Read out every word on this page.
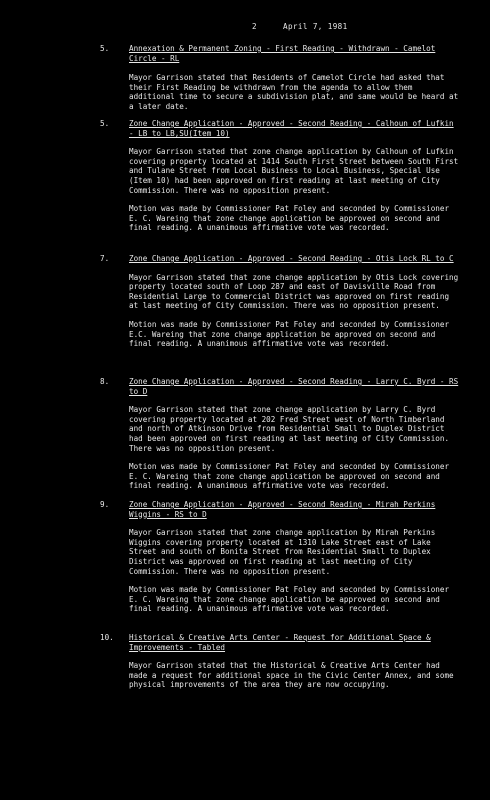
2	April 7, 1981
5.	Annexation & Permanent Zoning - First Reading - Withdrawn - Camelot Circle - RL

Mayor Garrison stated that Residents of Camelot Circle had asked that their First Reading be withdrawn from the agenda to allow them additional time to secure a subdivision plat, and same would be heard at a later date.

5.	Zone Change Application - Approved - Second Reading - Calhoun of Lufkin - LB to LB,SU(Item 10)

Mayor Garrison stated that zone change application by Calhoun of Lufkin covering property located at 1414 South First Street between South First and Tulane Street from Local Business to Local Business, Special Use (Item 10) had been approved on first reading at last meeting of City Commission. There was no opposition present.

Motion was made by Commissioner Pat Foley and seconded by Commissioner E. C. Wareing that zone change application be approved on second and final reading. A unanimous affirmative vote was recorded.

7.	Zone Change Application - Approved - Second Reading - Otis Lock RL to C

Mayor Garrison stated that zone change application by Otis Lock covering property located south of Loop 287 and east of Davisville Road from Residential Large to Commercial District was approved on first reading at last meeting of City Commission. There was no opposition present.

Motion was made by Commissioner Pat Foley and seconded by Commissioner E.C. Wareing that zone change application be approved on second and final reading. A unanimous affirmative vote was recorded.

8.	Zone Change Application - Approved - Second Reading - Larry C. Byrd - RS to D

Mayor Garrison stated that zone change application by Larry C. Byrd covering property located at 202 Fred Street west of North Timberland and north of Atkinson Drive from Residential Small to Duplex District had been approved on first reading at last meeting of City Commission. There was no opposition present.

Motion was made by Commissioner Pat Foley and seconded by Commissioner E. C. Wareing that zone change application be approved on second and final reading. A unanimous affirmative vote was recorded.

9.	Zone Change Application - Approved - Second Reading - Mirah Perkins Wiggins - RS to D

Mayor Garrison stated that zone change application by Mirah Perkins Wiggins covering property located at 1310 Lake Street east of Lake Street and south of Bonita Street from Residential Small to Duplex District was approved on first reading at last meeting of City Commission. There was no opposition present.

Motion was made by Commissioner Pat Foley and seconded by Commissioner E. C. Wareing that zone change application be approved on second and final reading. A unanimous affirmative vote was recorded.

10. Historical & Creative Arts Center - Request for Additional Space & Improvements - Tabled

Mayor Garrison stated that the Historical & Creative Arts Center had made a request for additional space in the Civic Center Annex, and some physical improvements of the area they are now occupying.
